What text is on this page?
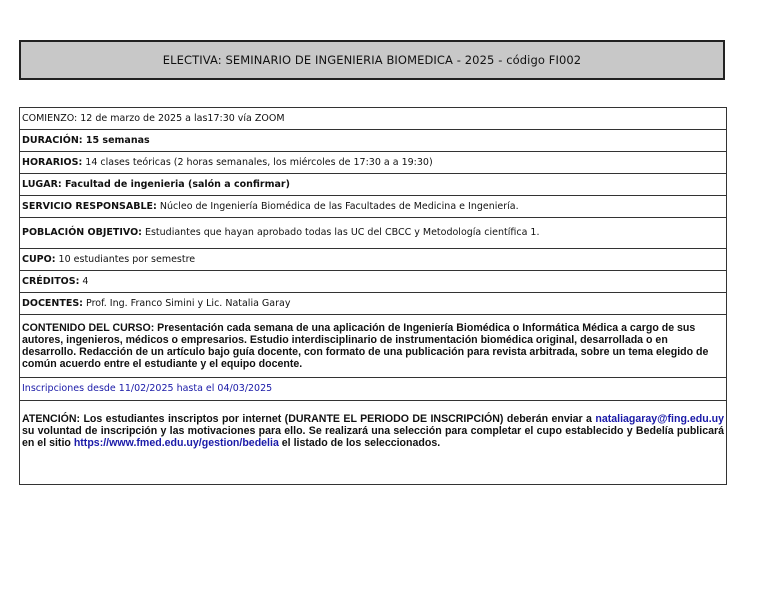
ELECTIVA: SEMINARIO DE INGENIERIA BIOMEDICA - 2025 - código FI002
COMIENZO: 12 de marzo de 2025 a las17:30 vía ZOOM
DURACIÓN: 15 semanas
HORARIOS: 14 clases teóricas (2 horas semanales, los miércoles de 17:30 a a 19:30)
LUGAR: Facultad de ingenieria (salón a confirmar)
SERVICIO RESPONSABLE: Núcleo de Ingeniería Biomédica de las Facultades de Medicina e Ingeniería.
POBLACIÓN OBJETIVO: Estudiantes que hayan aprobado todas las UC del CBCC y Metodología científica 1.
CUPO: 10 estudiantes por semestre
CRÉDITOS: 4
DOCENTES: Prof. Ing. Franco Simini y Lic. Natalia Garay

CONTENIDO DEL CURSO: Presentación cada semana de una aplicación de Ingeniería Biomédica o Informática Médica a cargo de sus autores, ingenieros, médicos o empresarios. Estudio interdisciplinario de instrumentación biomédica original, desarrollada o en desarrollo. Redacción de un artículo bajo guía docente, con formato de una publicación para revista arbitrada, sobre un tema elegido de común acuerdo entre el estudiante y el equipo docente.

Inscripciones desde 11/02/2025 hasta el 04/03/2025

ATENCIÓN: Los estudiantes inscriptos por internet (DURANTE EL PERIODO DE INSCRIPCIÓN) deberán enviar a nataliagaray@fing.edu.uy su voluntad de inscripción y las motivaciones para ello. Se realizará una selección para completar el cupo establecido y Bedelía publicará en el sitio https://www.fmed.edu.uy/gestion/bedelia el listado de los seleccionados.
